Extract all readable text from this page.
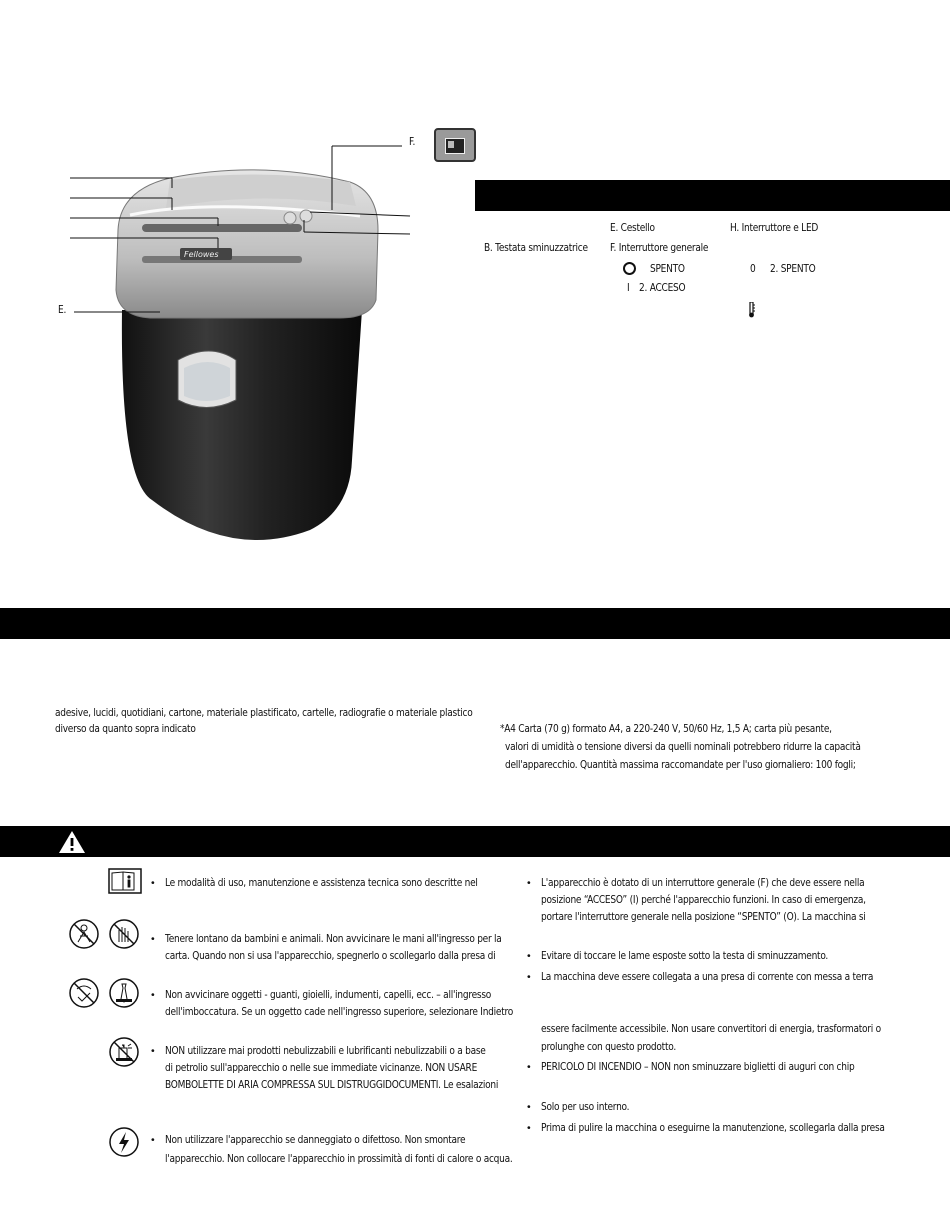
Fellowes
F.
E.
B. Testata sminuzzatrice
E. Cestello
F. Interruttore generale
SPENTO
I 2. ACCESO
H. Interruttore e LED
0 2. SPENTO
adesive, lucidi, quotidiani, cartone, materiale plastificato, cartelle, radiografie o materiale plastico
diverso da quanto sopra indicato	*A4 Carta (70 g) formato A4, a 220-240 V, 50/60 Hz, 1,5 A; carta più pesante,
valori di umidità o tensione diversi da quelli nominali potrebbero ridurre la capacità
dell'apparecchio. Quantità massima raccomandate per l'uso giornaliero: 100 fogli;
• Le modalità di uso, manutenzione e assistenza tecnica sono descritte nel
• Tenere lontano da bambini e animali. Non avvicinare le mani all'ingresso per la
carta. Quando non si usa l'apparecchio, spegnerlo o scollegarlo dalla presa di
• Non avvicinare oggetti - guanti, gioielli, indumenti, capelli, ecc. – all'ingresso
dell'imboccatura. Se un oggetto cade nell'ingresso superiore, selezionare Indietro
• NON utilizzare mai prodotti nebulizzabili e lubrificanti nebulizzabili o a base
di petrolio sull'apparecchio o nelle sue immediate vicinanze. NON USARE
BOMBOLETTE DI ARIA COMPRESSA SUL DISTRUGGIDOCUMENTI. Le esalazioni
• Non utilizzare l'apparecchio se danneggiato o difettoso. Non smontare
l'apparecchio. Non collocare l'apparecchio in prossimità di fonti di calore o acqua.
• L'apparecchio è dotato di un interruttore generale (F) che deve essere nella
posizione “ACCESO” (I) perché l'apparecchio funzioni. In caso di emergenza,
portare l'interruttore generale nella posizione “SPENTO” (O). La macchina si
• Evitare di toccare le lame esposte sotto la testa di sminuzzamento.
• La macchina deve essere collegata a una presa di corrente con messa a terra
essere facilmente accessibile. Non usare convertitori di energia, trasformatori o
prolunghe con questo prodotto.
• PERICOLO DI INCENDIO – NON non sminuzzare biglietti di auguri con chip
• Solo per uso interno.
• Prima di pulire la macchina o eseguirne la manutenzione, scollegarla dalla presa
